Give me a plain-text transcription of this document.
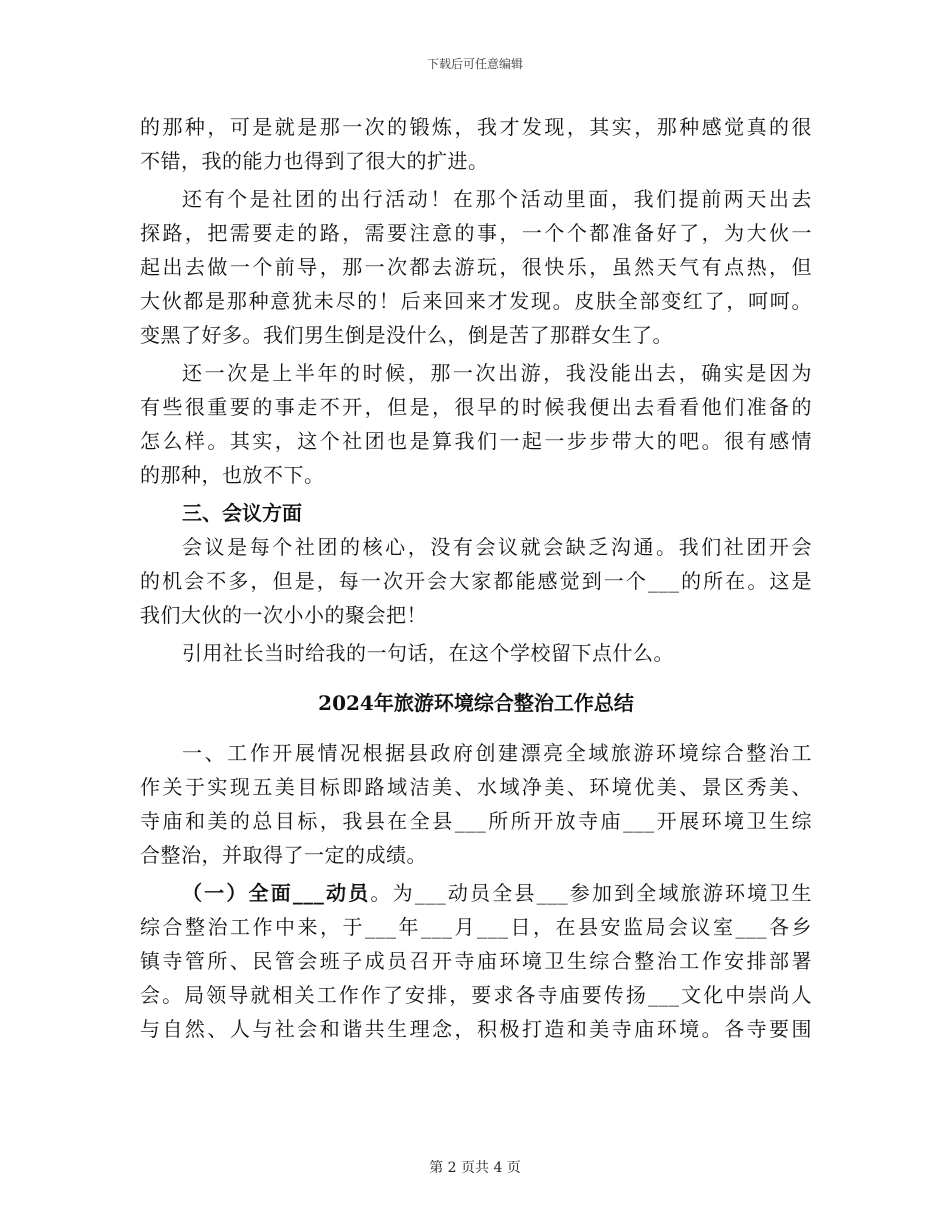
下载后可任意编辑
的那种，可是就是那一次的锻炼，我才发现，其实，那种感觉真的很
不错，我的能力也得到了很大的扩进。
还有个是社团的出行活动！在那个活动里面，我们提前两天出去
探路，把需要走的路，需要注意的事，一个个都准备好了，为大伙一
起出去做一个前导，那一次都去游玩，很快乐，虽然天气有点热，但
大伙都是那种意犹未尽的！后来回来才发现。皮肤全部变红了，呵呵。
变黑了好多。我们男生倒是没什么，倒是苦了那群女生了。
还一次是上半年的时候，那一次出游，我没能出去，确实是因为
有些很重要的事走不开，但是，很早的时候我便出去看看他们准备的
怎么样。其实，这个社团也是算我们一起一步步带大的吧。很有感情
的那种，也放不下。
三、会议方面
会议是每个社团的核心，没有会议就会缺乏沟通。我们社团开会
的机会不多，但是，每一次开会大家都能感觉到一个___的所在。这是
我们大伙的一次小小的聚会把！
引用社长当时给我的一句话，在这个学校留下点什么。
2024年旅游环境综合整治工作总结
一、工作开展情况根据县政府创建漂亮全域旅游环境综合整治工
作关于实现五美目标即路域洁美、水域净美、环境优美、景区秀美、
寺庙和美的总目标，我县在全县___所所开放寺庙___开展环境卫生综
合整治，并取得了一定的成绩。
（一）全面___动员。为___动员全县___参加到全域旅游环境卫生
综合整治工作中来，于___年___月___日，在县安监局会议室___各乡
镇寺管所、民管会班子成员召开寺庙环境卫生综合整治工作安排部署
会。局领导就相关工作作了安排，要求各寺庙要传扬___文化中崇尚人
与自然、人与社会和谐共生理念，积极打造和美寺庙环境。各寺要围
第 2 页共 4 页
